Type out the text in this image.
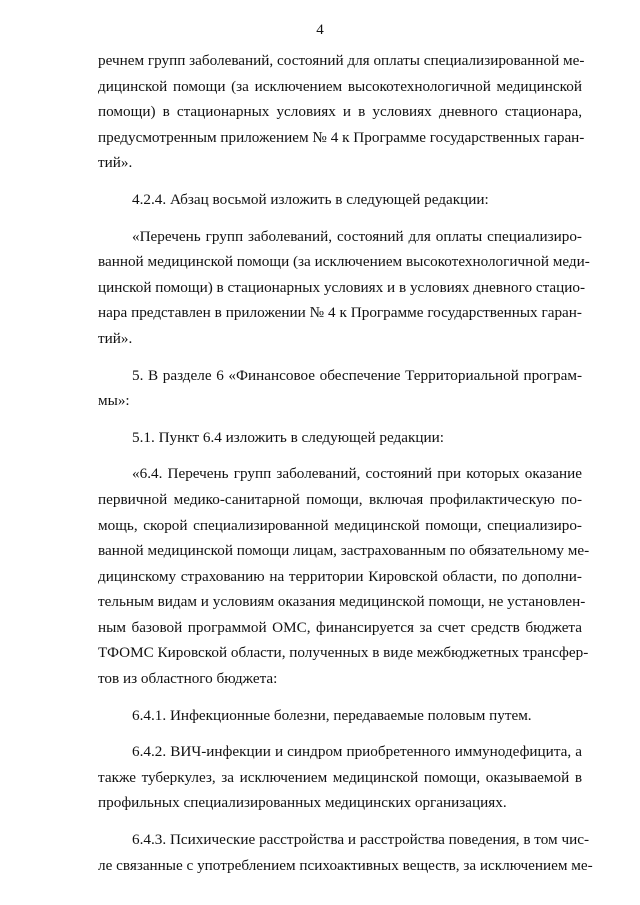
4

речнем групп заболеваний, состояний для оплаты специализированной ме-
дицинской помощи (за исключением высокотехнологичной медицинской
помощи) в стационарных условиях и в условиях дневного стационара,
предусмотренным приложением № 4 к Программе государственных гаран-
тий».

4.2.4. Абзац восьмой изложить в следующей редакции:

«Перечень групп заболеваний, состояний для оплаты специализиро-
ванной медицинской помощи (за исключением высокотехнологичной меди-
цинской помощи) в стационарных условиях и в условиях дневного стацио-
нара представлен в приложении № 4 к Программе государственных гаран-
тий».

5. В разделе 6 «Финансовое обеспечение Территориальной програм-
мы»:

5.1. Пункт 6.4 изложить в следующей редакции:

«6.4. Перечень групп заболеваний, состояний при которых оказание
первичной медико-санитарной помощи, включая профилактическую по-
мощь, скорой специализированной медицинской помощи, специализиро-
ванной медицинской помощи лицам, застрахованным по обязательному ме-
дицинскому страхованию на территории Кировской области, по дополни-
тельным видам и условиям оказания медицинской помощи, не установлен-
ным базовой программой ОМС, финансируется за счет средств бюджета
ТФОМС Кировской области, полученных в виде межбюджетных трансфер-
тов из областного бюджета:

6.4.1. Инфекционные болезни, передаваемые половым путем.

6.4.2. ВИЧ-инфекции и синдром приобретенного иммунодефицита, а
также туберкулез, за исключением медицинской помощи, оказываемой в
профильных специализированных медицинских организациях.

6.4.3. Психические расстройства и расстройства поведения, в том чис-
ле связанные с употреблением психоактивных веществ, за исключением ме-
